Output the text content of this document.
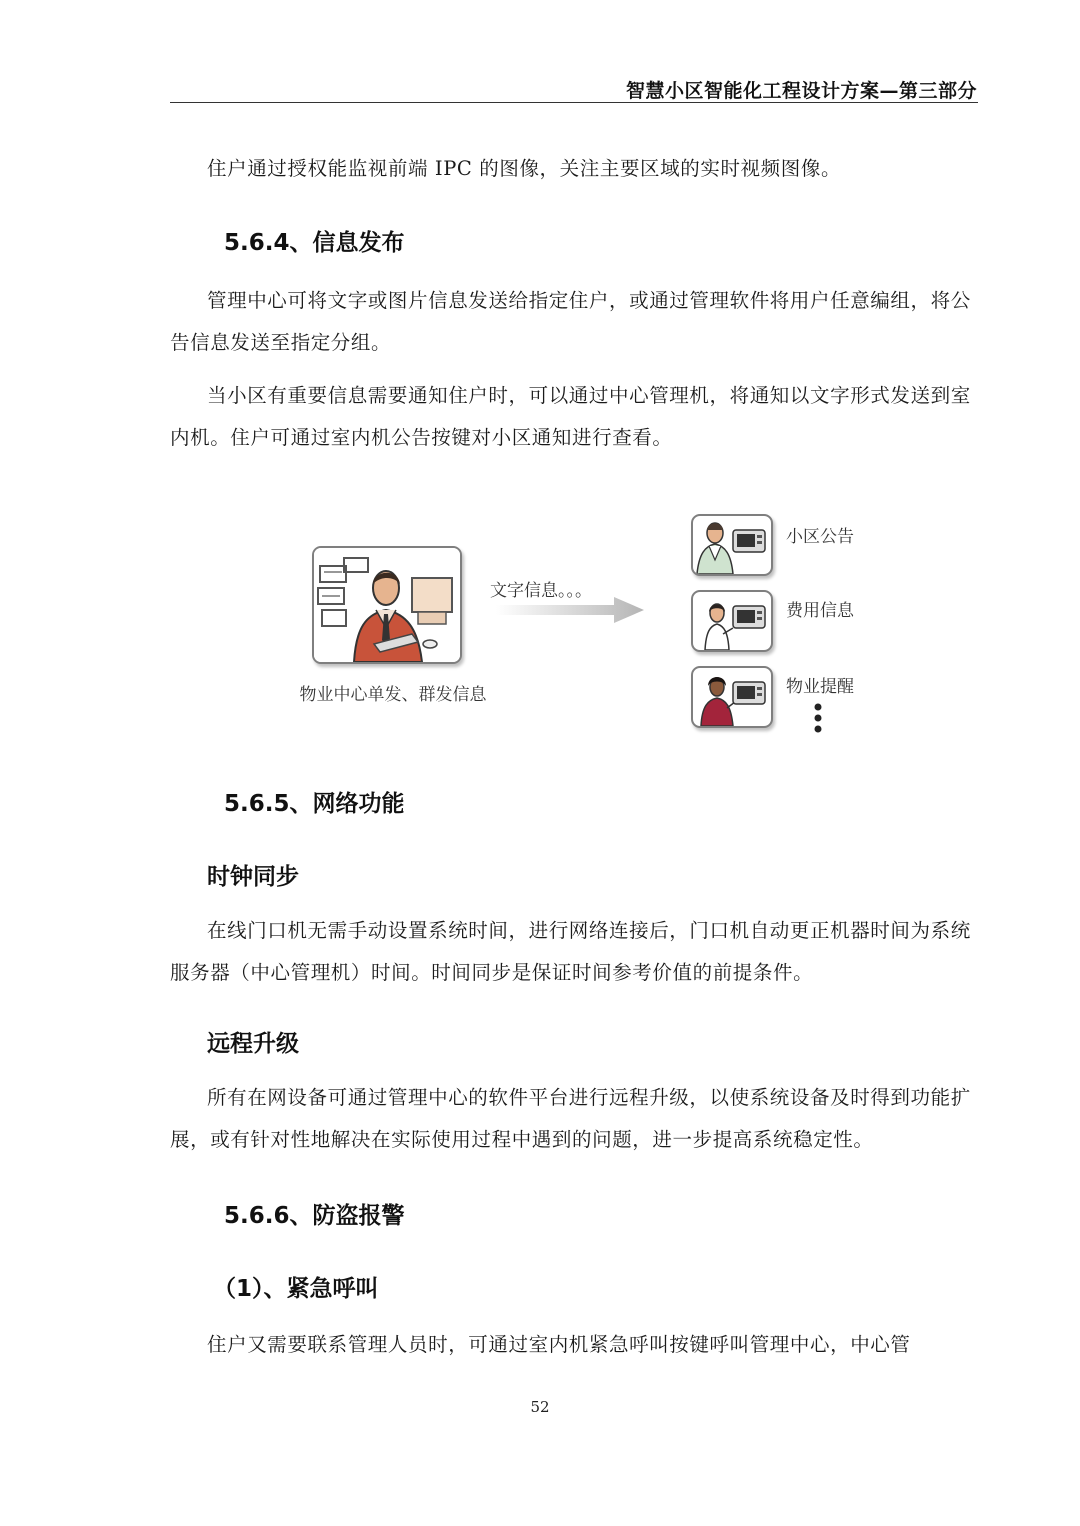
智慧小区智能化工程设计方案—第三部分

住户通过授权能监视前端 IPC 的图像，关注主要区域的实时视频图像。

5.6.4、信息发布

管理中心可将文字或图片信息发送给指定住户，或通过管理软件将用户任意编组，将公告信息发送至指定分组。

当小区有重要信息需要通知住户时，可以通过中心管理机，将通知以文字形式发送到室内机。住户可通过室内机公告按键对小区通知进行查看。

物业中心单发、群发信息
文字信息。。。
小区公告
费用信息
物业提醒
5.6.5、网络功能
时钟同步

在线门口机无需手动设置系统时间，进行网络连接后，门口机自动更正机器时间为系统服务器（中心管理机）时间。时间同步是保证时间参考价值的前提条件。

远程升级

所有在网设备可通过管理中心的软件平台进行远程升级，以使系统设备及时得到功能扩展，或有针对性地解决在实际使用过程中遇到的问题，进一步提高系统稳定性。

5.6.6、防盗报警
（1）、紧急呼叫

住户又需要联系管理人员时，可通过室内机紧急呼叫按键呼叫管理中心，中心管

52
